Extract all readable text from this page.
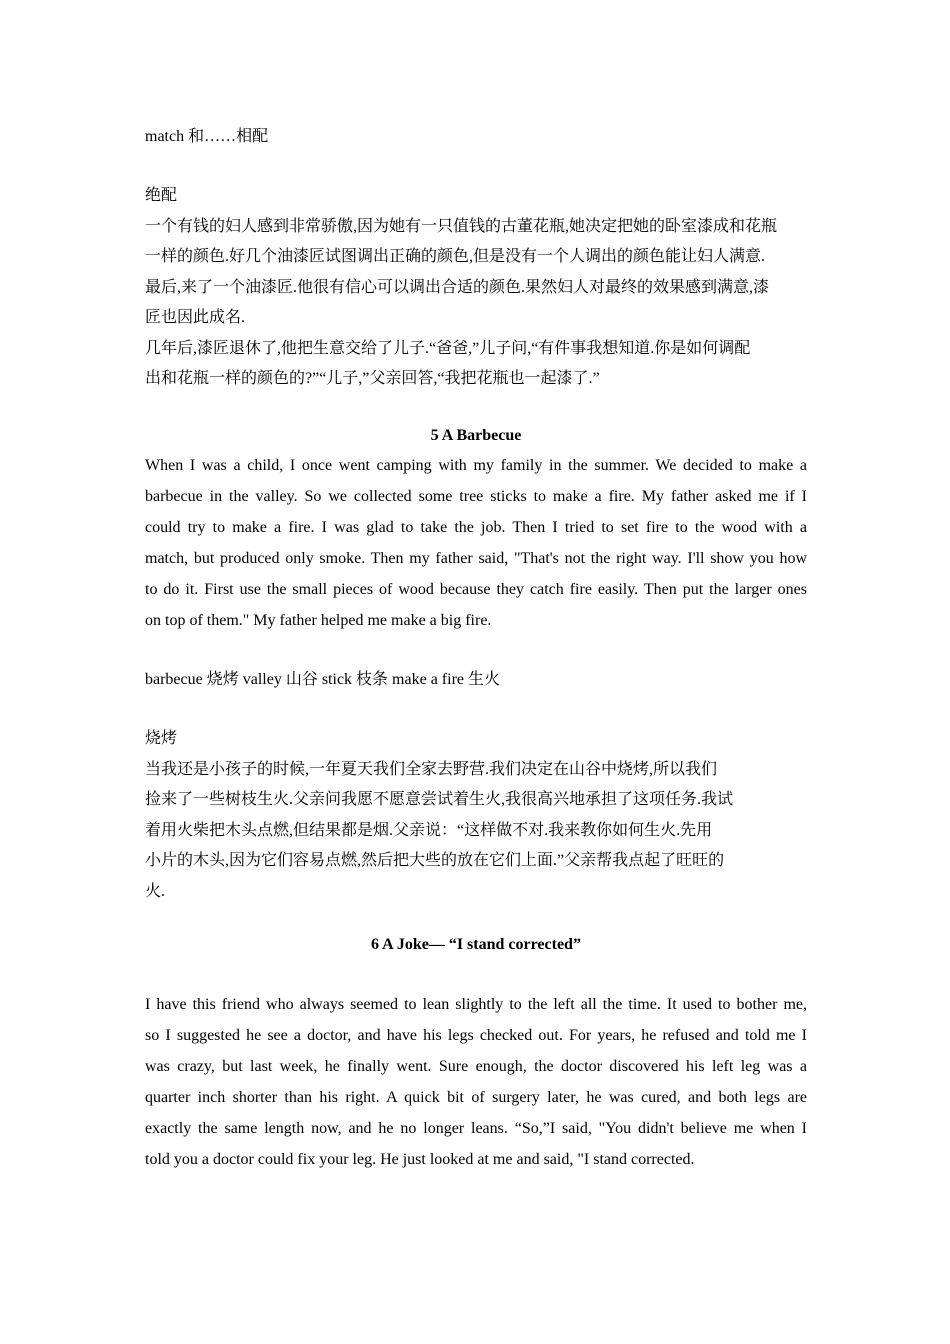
match 和……相配

绝配
一个有钱的妇人感到非常骄傲,因为她有一只值钱的古董花瓶,她决定把她的卧室漆成和花瓶
一样的颜色.好几个油漆匠试图调出正确的颜色,但是没有一个人调出的颜色能让妇人满意.
最后,来了一个油漆匠.他很有信心可以调出合适的颜色.果然妇人对最终的效果感到满意,漆
匠也因此成名.
几年后,漆匠退休了,他把生意交给了儿子.“爸爸,”儿子问,“有件事我想知道.你是如何调配
出和花瓶一样的颜色的?”“儿子,”父亲回答,“我把花瓶也一起漆了.”
5 A Barbecue
When I was a child, I once went camping with my family in the summer. We decided to make a
barbecue in the valley. So we collected some tree sticks to make a fire. My father asked me if I
could try to make a fire. I was glad to take the job. Then I tried to set fire to the wood with a
match, but produced only smoke. Then my father said, "That's not the right way. I'll show you how
to do it. First use the small pieces of wood because they catch fire easily. Then put the larger ones
on top of them." My father helped me make a big fire.

barbecue 烧烤 valley 山谷 stick 枝条 make a fire 生火

烧烤
当我还是小孩子的时候,一年夏天我们全家去野营.我们决定在山谷中烧烤,所以我们
捡来了一些树枝生火.父亲问我愿不愿意尝试着生火,我很高兴地承担了这项任务.我试
着用火柴把木头点燃,但结果都是烟.父亲说：“这样做不对.我来教你如何生火.先用
小片的木头,因为它们容易点燃,然后把大些的放在它们上面.”父亲帮我点起了旺旺的
火.
6 A Joke— “I stand corrected”
I have this friend who always seemed to lean slightly to the left all the time. It used to bother me,
so I suggested he see a doctor, and have his legs checked out. For years, he refused and told me I
was crazy, but last week, he finally went. Sure enough, the doctor discovered his left leg was a
quarter inch shorter than his right. A quick bit of surgery later, he was cured, and both legs are
exactly the same length now, and he no longer leans. “So,”I said, "You didn't believe me when I
told you a doctor could fix your leg. He just looked at me and said, "I stand corrected.
